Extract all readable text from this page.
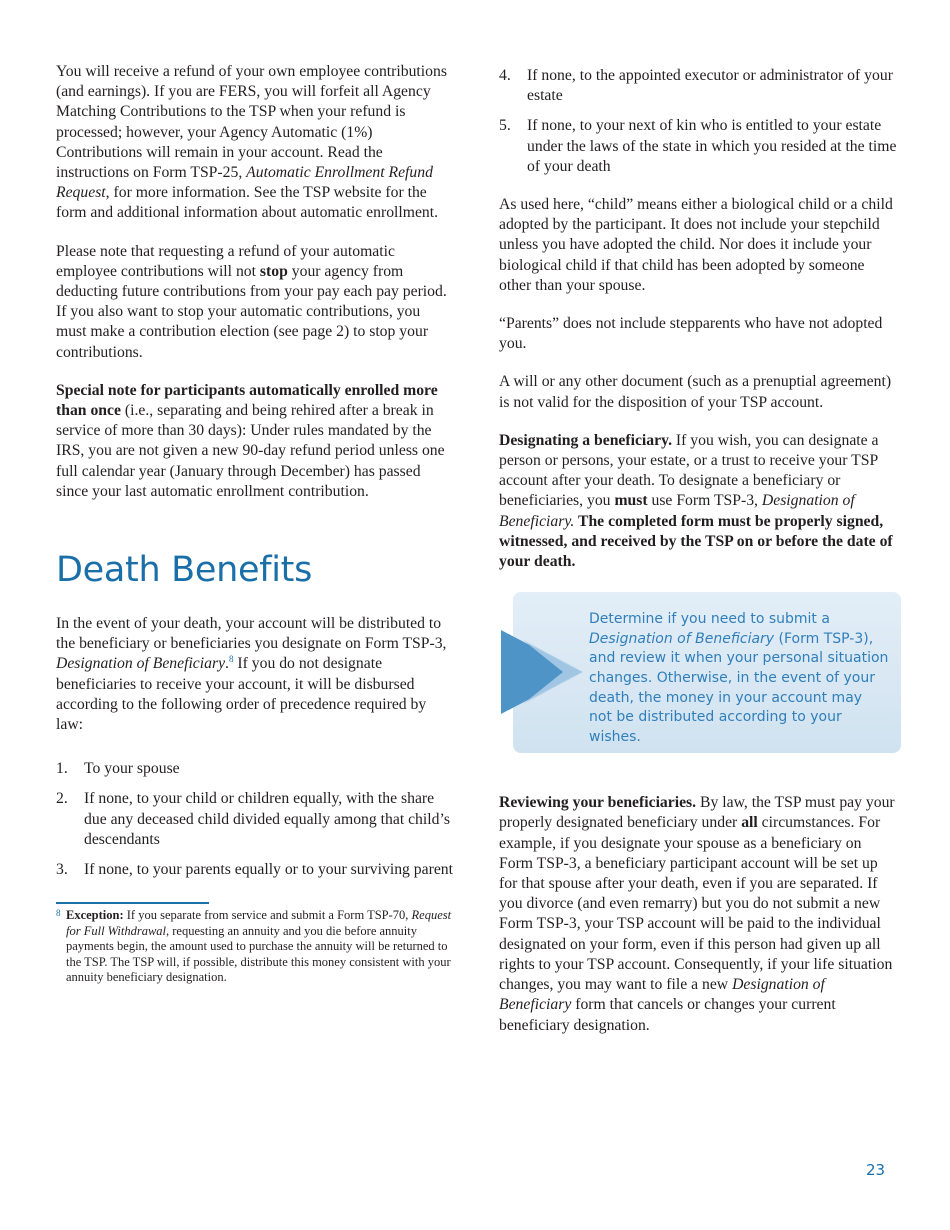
You will receive a refund of your own employee contributions (and earnings). If you are FERS, you will forfeit all Agency Matching Contributions to the TSP when your refund is processed; however, your Agency Automatic (1%) Contributions will remain in your account. Read the instructions on Form TSP-25, Automatic Enrollment Refund Request, for more information. See the TSP website for the form and additional information about automatic enrollment.

Please note that requesting a refund of your automatic employee contributions will not stop your agency from deducting future contributions from your pay each pay period. If you also want to stop your automatic contributions, you must make a contribution election (see page 2) to stop your contributions.

Special note for participants automatically enrolled more than once (i.e., separating and being rehired after a break in service of more than 30 days): Under rules mandated by the IRS, you are not given a new 90-day refund period unless one full calendar year (January through December) has passed since your last automatic enrollment contribution.

Death Benefits

In the event of your death, your account will be distributed to the beneficiary or beneficiaries you designate on Form TSP-3, Designation of Beneficiary.$^8$ If you do not designate beneficiaries to receive your account, it will be disbursed according to the following order of precedence required by law:

1. To your spouse
2. If none, to your child or children equally, with the share due any deceased child divided equally among that child’s descendants
3. If none, to your parents equally or to your surviving parent

8 Exception: If you separate from service and submit a Form TSP-70, Request for Full Withdrawal, requesting an annuity and you die before annuity payments begin, the amount used to purchase the annuity will be returned to the TSP. The TSP will, if possible, distribute this money consistent with your annuity beneficiary designation.

4. If none, to the appointed executor or administrator of your estate
5. If none, to your next of kin who is entitled to your estate under the laws of the state in which you resided at the time of your death

As used here, “child” means either a biological child or a child adopted by the participant. It does not include your stepchild unless you have adopted the child. Nor does it include your biological child if that child has been adopted by someone other than your spouse.

“Parents” does not include stepparents who have not adopted you.

A will or any other document (such as a prenuptial agreement) is not valid for the disposition of your TSP account.

Designating a beneficiary. If you wish, you can designate a person or persons, your estate, or a trust to receive your TSP account after your death. To designate a beneficiary or beneficiaries, you must use Form TSP-3, Designation of Beneficiary. The completed form must be properly signed, witnessed, and received by the TSP on or before the date of your death.

Determine if you need to submit a Designation of Beneficiary (Form TSP-3), and review it when your personal situation changes. Otherwise, in the event of your death, the money in your account may not be distributed according to your wishes.

Reviewing your beneficiaries. By law, the TSP must pay your properly designated beneficiary under all circumstances. For example, if you designate your spouse as a beneficiary on Form TSP-3, a beneficiary participant account will be set up for that spouse after your death, even if you are separated. If you divorce (and even remarry) but you do not submit a new Form TSP-3, your TSP account will be paid to the individual designated on your form, even if this person had given up all rights to your TSP account. Consequently, if your life situation changes, you may want to file a new Designation of Beneficiary form that cancels or changes your current beneficiary designation.

23
